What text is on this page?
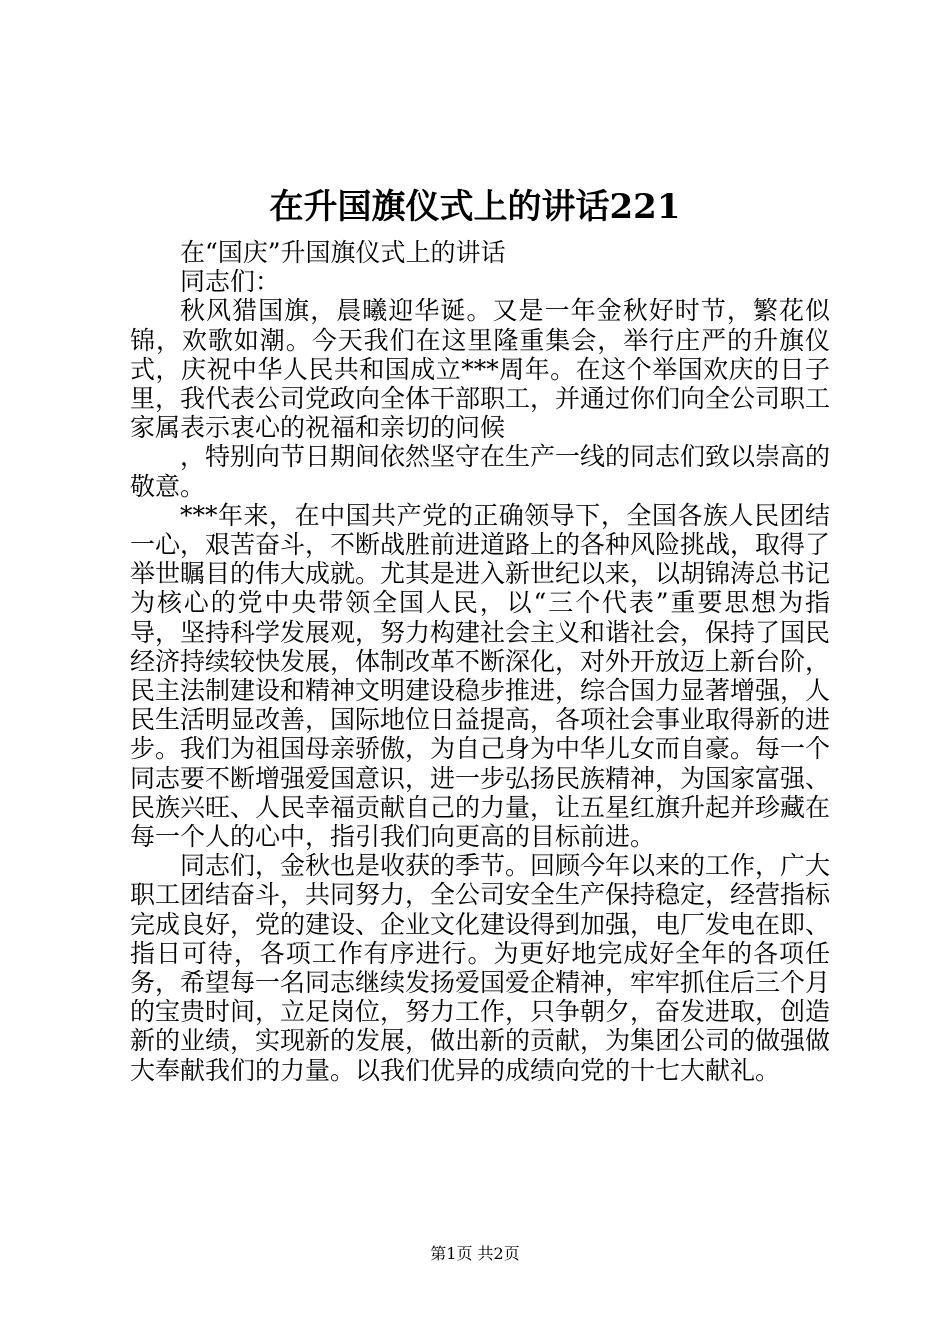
在升国旗仪式上的讲话221

在“国庆”升国旗仪式上的讲话

同志们：

秋风猎国旗，晨曦迎华诞。又是一年金秋好时节，繁花似锦，欢歌如潮。今天我们在这里隆重集会，举行庄严的升旗仪式，庆祝中华人民共和国成立***周年。在这个举国欢庆的日子里，我代表公司党政向全体干部职工，并通过你们向全公司职工家属表示衷心的祝福和亲切的问候

，特别向节日期间依然坚守在生产一线的同志们致以崇高的敬意。

***年来，在中国共产党的正确领导下，全国各族人民团结一心，艰苦奋斗，不断战胜前进道路上的各种风险挑战，取得了举世瞩目的伟大成就。尤其是进入新世纪以来，以胡锦涛总书记为核心的党中央带领全国人民，以“三个代表”重要思想为指导，坚持科学发展观，努力构建社会主义和谐社会，保持了国民经济持续较快发展，体制改革不断深化，对外开放迈上新台阶，民主法制建设和精神文明建设稳步推进，综合国力显著增强，人民生活明显改善，国际地位日益提高，各项社会事业取得新的进步。我们为祖国母亲骄傲，为自己身为中华儿女而自豪。每一个同志要不断增强爱国意识，进一步弘扬民族精神，为国家富强、民族兴旺、人民幸福贡献自己的力量，让五星红旗升起并珍藏在每一个人的心中，指引我们向更高的目标前进。

同志们，金秋也是收获的季节。回顾今年以来的工作，广大职工团结奋斗，共同努力，全公司安全生产保持稳定，经营指标完成良好，党的建设、企业文化建设得到加强，电厂发电在即、指日可待，各项工作有序进行。为更好地完成好全年的各项任务，希望每一名同志继续发扬爱国爱企精神，牢牢抓住后三个月的宝贵时间，立足岗位，努力工作，只争朝夕，奋发进取，创造新的业绩，实现新的发展，做出新的贡献，为集团公司的做强做大奉献我们的力量。以我们优异的成绩向党的十七大献礼。

第1页 共2页
